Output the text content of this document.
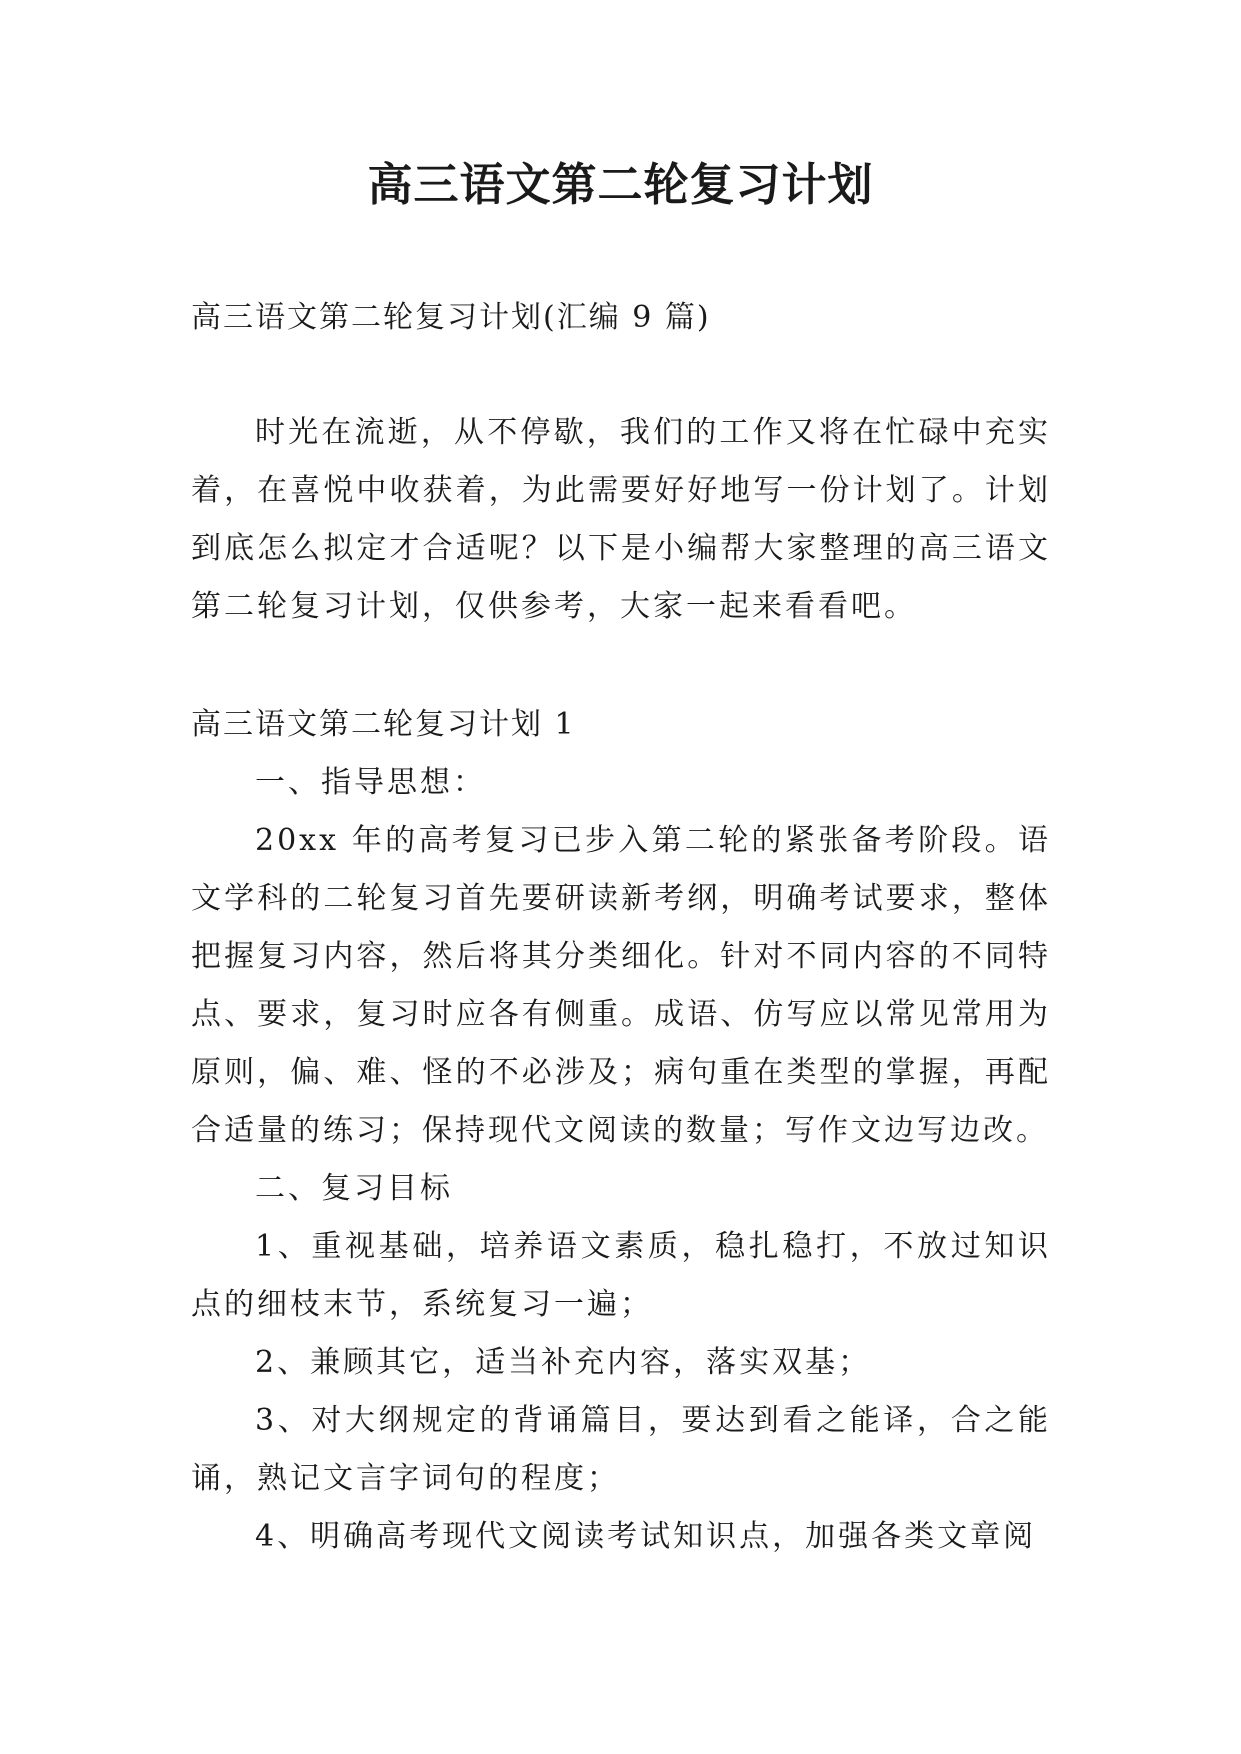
高三语文第二轮复习计划

高三语文第二轮复习计划(汇编 9 篇)

时光在流逝，从不停歇，我们的工作又将在忙碌中充实着，在喜悦中收获着，为此需要好好地写一份计划了。计划到底怎么拟定才合适呢？以下是小编帮大家整理的高三语文第二轮复习计划，仅供参考，大家一起来看看吧。

高三语文第二轮复习计划 1

一、指导思想：

20xx 年的高考复习已步入第二轮的紧张备考阶段。语文学科的二轮复习首先要研读新考纲，明确考试要求，整体把握复习内容，然后将其分类细化。针对不同内容的不同特点、要求，复习时应各有侧重。成语、仿写应以常见常用为原则，偏、难、怪的不必涉及；病句重在类型的掌握，再配合适量的练习；保持现代文阅读的数量；写作文边写边改。

二、复习目标

1、重视基础，培养语文素质，稳扎稳打，不放过知识点的细枝末节，系统复习一遍；

2、兼顾其它，适当补充内容，落实双基；

3、对大纲规定的背诵篇目，要达到看之能译，合之能诵，熟记文言字词句的程度；

4、明确高考现代文阅读考试知识点，加强各类文章阅
